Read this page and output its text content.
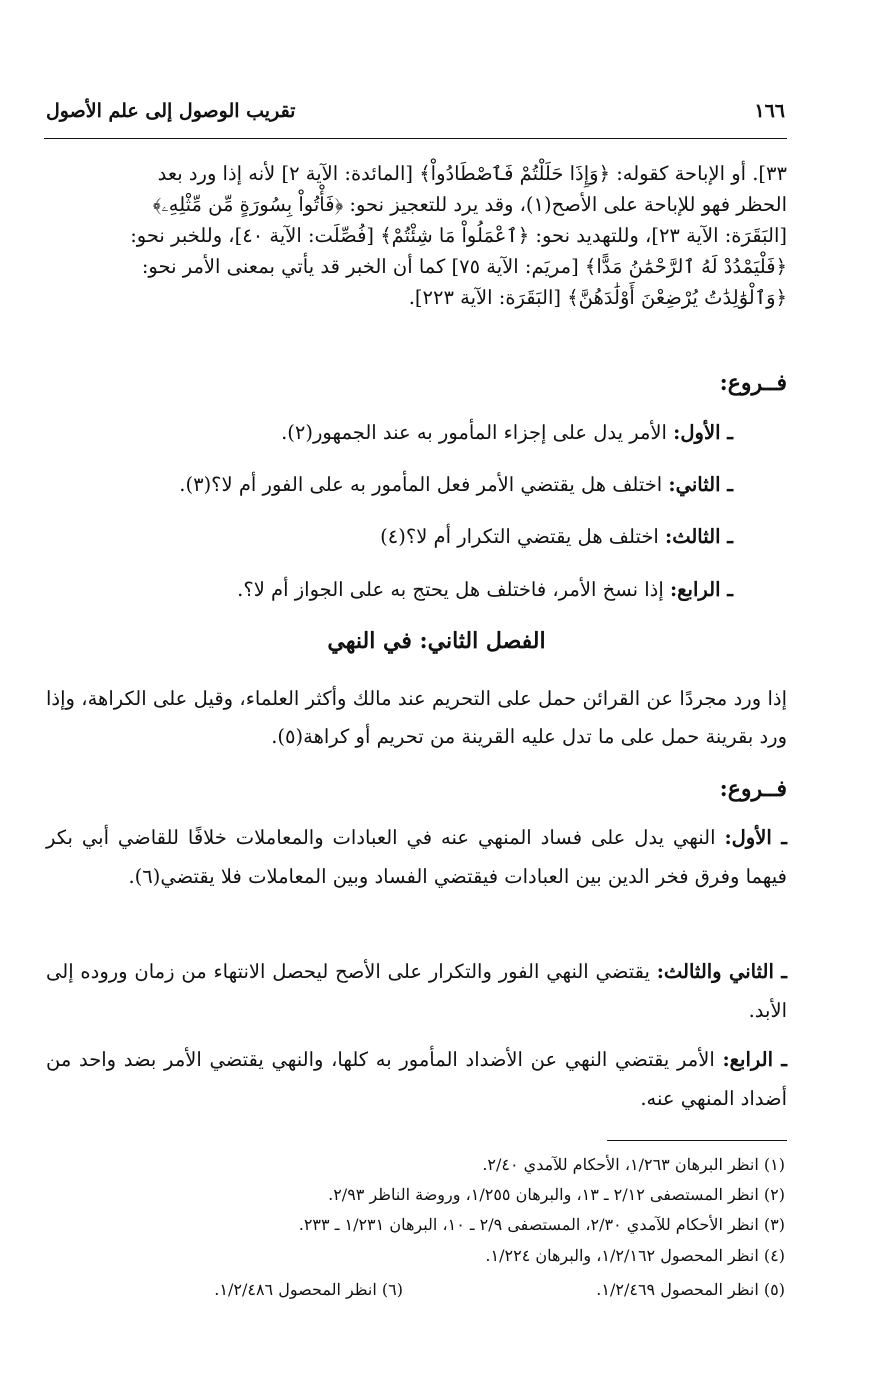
١٦٦
تقريب الوصول إلى علم الأصول

٣٣]. أو الإباحة كقوله: ﴿وَإِذَا حَلَلْتُمْ فَٱصْطَادُواْ﴾ [المائدة: الآية ٢] لأنه إذا ورد بعد

الحظر فهو للإباحة على الأصح(١)، وقد يرد للتعجيز نحو: ﴿فَأْتُواْ بِسُورَةٍ مِّن مِّثْلِهِۦ﴾

[البَقَرَة: الآية ٢٣]، وللتهديد نحو: ﴿ٱعْمَلُواْ مَا شِئْتُمْ﴾ [فُصِّلَت: الآية ٤٠]، وللخبر نحو:

﴿فَلْيَمْدُدْ لَهُ ٱلرَّحْمَٰنُ مَدًّا﴾ [مريَم: الآية ٧٥] كما أن الخبر قد يأتي بمعنى الأمر نحو:

﴿وَٱلْوَٰلِدَٰتُ يُرْضِعْنَ أَوْلَٰدَهُنَّ﴾ [البَقَرَة: الآية ٢٢٣].

فــروع:
ـ الأول: الأمر يدل على إجزاء المأمور به عند الجمهور(٢).
ـ الثاني: اختلف هل يقتضي الأمر فعل المأمور به على الفور أم لا؟(٣).
ـ الثالث: اختلف هل يقتضي التكرار أم لا؟(٤)
ـ الرابع: إذا نسخ الأمر، فاختلف هل يحتج به على الجواز أم لا؟.
الفصل الثاني: في النهي
إذا ورد مجردًا عن القرائن حمل على التحريم عند مالك وأكثر العلماء، وقيل على الكراهة، وإذا ورد بقرينة حمل على ما تدل عليه القرينة من تحريم أو كراهة(٥).
فــروع:
ـ الأول: النهي يدل على فساد المنهي عنه في العبادات والمعاملات خلافًا للقاضي أبي بكر فيهما وفرق فخر الدين بين العبادات فيقتضي الفساد وبين المعاملات فلا يقتضي(٦).
ـ الثاني والثالث: يقتضي النهي الفور والتكرار على الأصح ليحصل الانتهاء من زمان وروده إلى الأبد.
ـ الرابع: الأمر يقتضي النهي عن الأضداد المأمور به كلها، والنهي يقتضي الأمر بضد واحد من أضداد المنهي عنه.
(١) انظر البرهان ١/٢٦٣، الأحكام للآمدي ٢/٤٠.
(٢) انظر المستصفى ٢/١٢ ـ ١٣، والبرهان ١/٢٥٥، وروضة الناظر ٢/٩٣.
(٣) انظر الأحكام للآمدي ٢/٣٠، المستصفى ٢/٩ ـ ١٠، البرهان ١/٢٣١ ـ ٢٣٣.
(٤) انظر المحصول ١/٢/١٦٢، والبرهان ١/٢٢٤.
(٥) انظر المحصول ١/٢/٤٦٩.
(٦) انظر المحصول ١/٢/٤٨٦.
